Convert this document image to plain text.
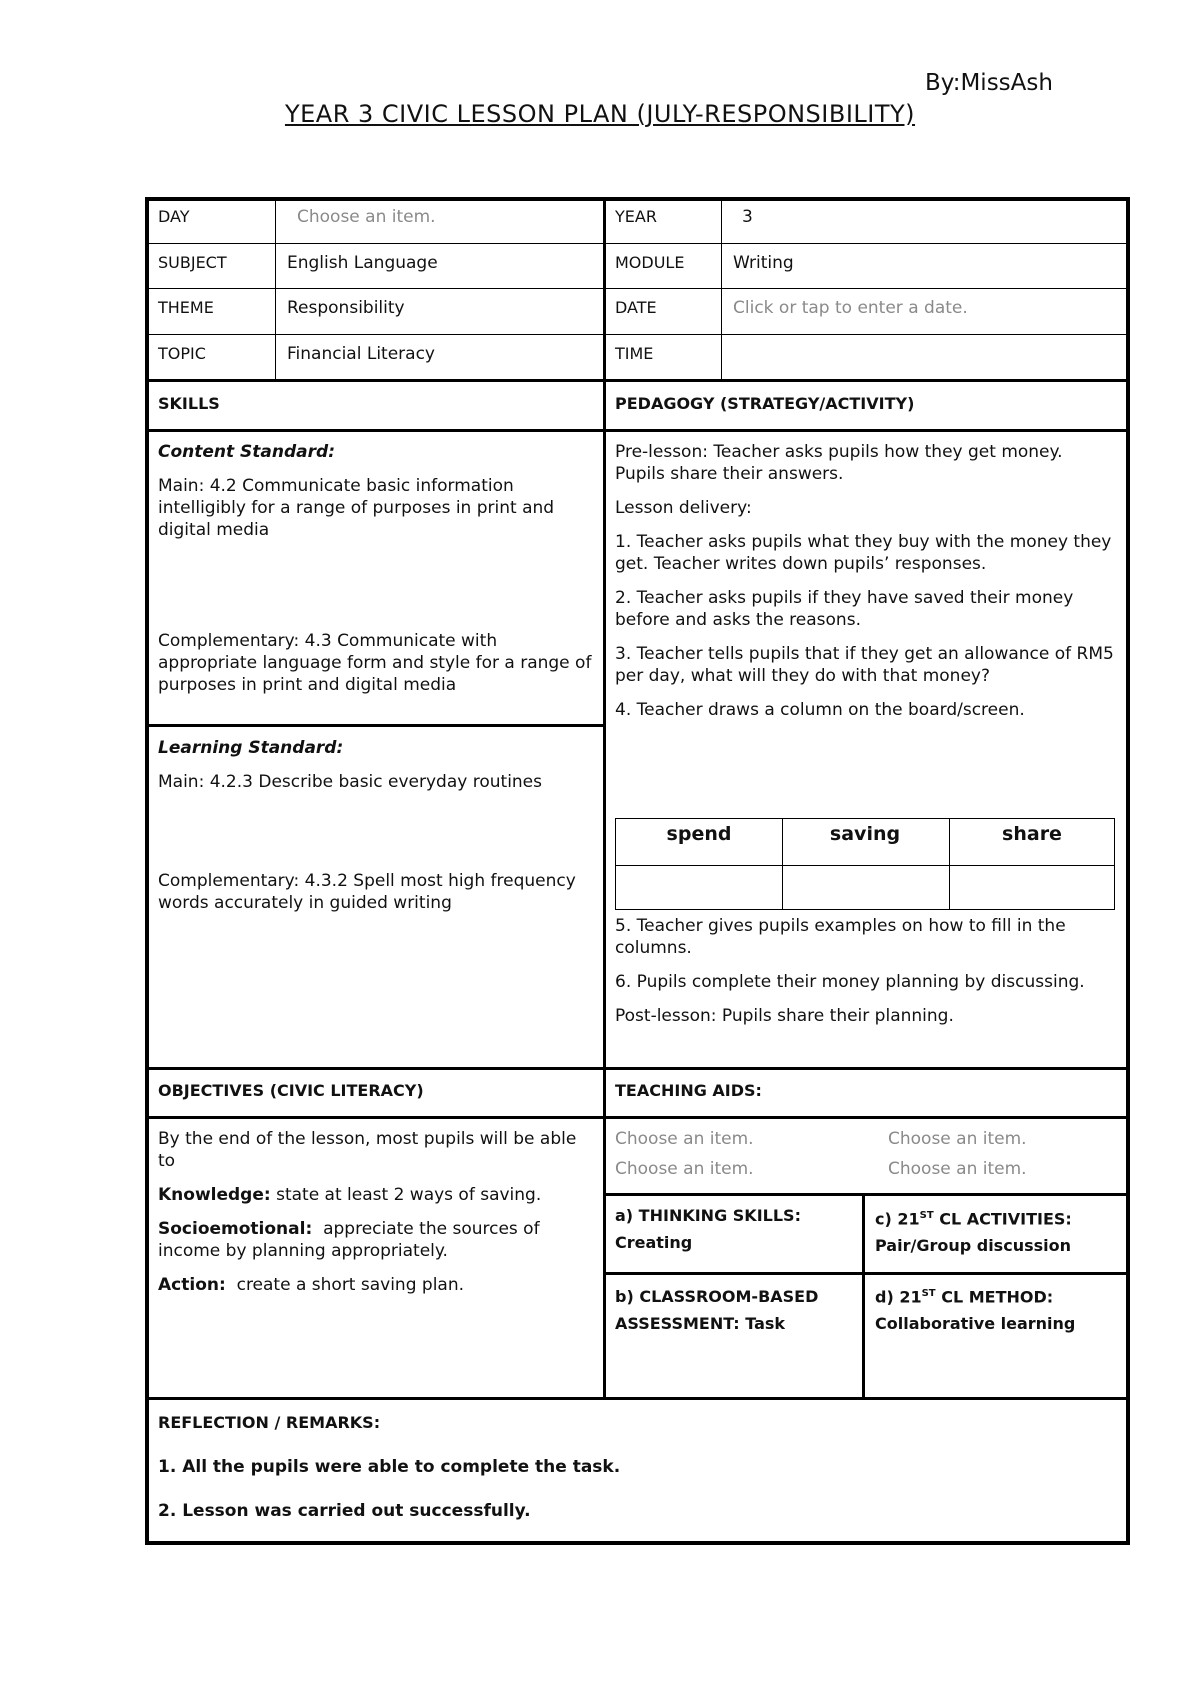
By:MissAsh
YEAR 3 CIVIC LESSON PLAN (JULY-RESPONSIBILITY)
DAY	Choose an item.	YEAR	3
SUBJECT	English Language	MODULE	Writing
THEME	Responsibility	DATE	Click or tap to enter a date.
TOPIC	Financial Literacy	TIME
SKILLS	PEDAGOGY (STRATEGY/ACTIVITY)

Content Standard:

Main: 4.2 Communicate basic information intelligibly for a range of purposes in print and digital media

Complementary: 4.3 Communicate with appropriate language form and style for a range of purposes in print and digital media

Learning Standard:

Main: 4.2.3 Describe basic everyday routines

Complementary: 4.3.2 Spell most high frequency words accurately in guided writing

Pre-lesson: Teacher asks pupils how they get money. Pupils share their answers.

Lesson delivery:

1. Teacher asks pupils what they buy with the money they get. Teacher writes down pupils’ responses.

2. Teacher asks pupils if they have saved their money before and asks the reasons.

3. Teacher tells pupils that if they get an allowance of RM5 per day, what will they do with that money?

4. Teacher draws a column on the board/screen.

spend	saving	share

5. Teacher gives pupils examples on how to fill in the columns.

6. Pupils complete their money planning by discussing.

Post-lesson: Pupils share their planning.

OBJECTIVES (CIVIC LITERACY)	TEACHING AIDS:

By the end of the lesson, most pupils will be able to

Knowledge: state at least 2 ways of saving.

Socioemotional: appreciate the sources of income by planning appropriately.

Action: create a short saving plan.

Choose an item.	Choose an item.
Choose an item.	Choose an item.
a) THINKING SKILLS:
Creating
c) 21ST CL ACTIVITIES:
Pair/Group discussion
b) CLASSROOM-BASED ASSESSMENT: Task
d) 21ST CL METHOD:
Collaborative learning
REFLECTION / REMARKS:
1. All the pupils were able to complete the task.
2. Lesson was carried out successfully.
